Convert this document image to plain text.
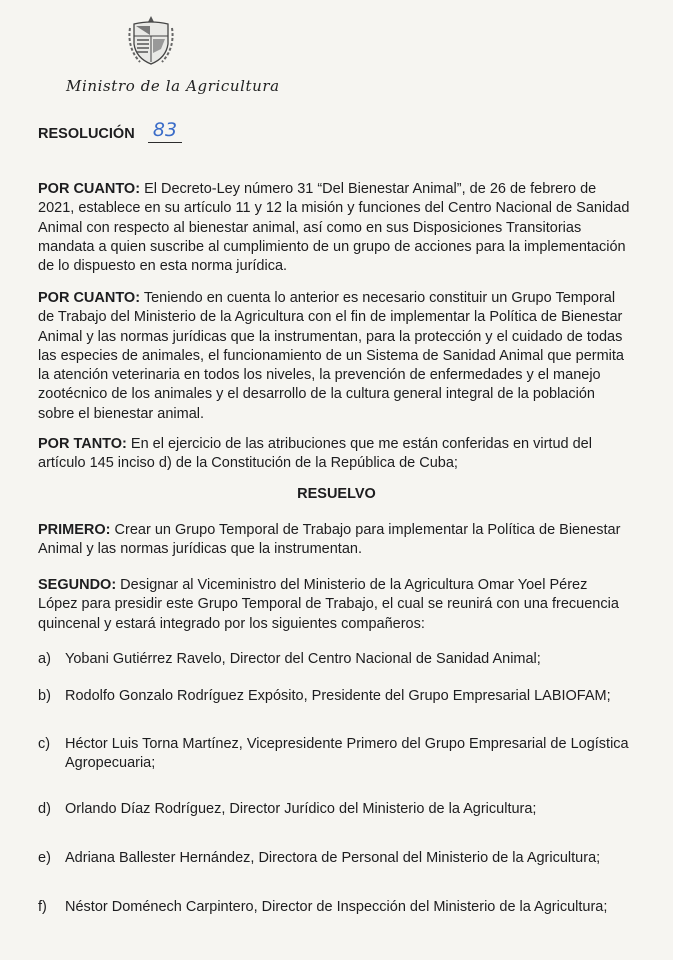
Ministro de la Agricultura
RESOLUCIÓN 83
POR CUANTO: El Decreto-Ley número 31 “Del Bienestar Animal”, de 26 de febrero de
2021, establece en su artículo 11 y 12 la misión y funciones del Centro Nacional de Sanidad
Animal con respecto al bienestar animal, así como en sus Disposiciones Transitorias
mandata a quien suscribe al cumplimiento de un grupo de acciones para la implementación
de lo dispuesto en esta norma jurídica.
POR CUANTO: Teniendo en cuenta lo anterior es necesario constituir un Grupo Temporal
de Trabajo del Ministerio de la Agricultura con el fin de implementar la Política de Bienestar
Animal y las normas jurídicas que la instrumentan, para la protección y el cuidado de todas
las especies de animales, el funcionamiento de un Sistema de Sanidad Animal que permita
la atención veterinaria en todos los niveles, la prevención de enfermedades y el manejo
zootécnico de los animales y el desarrollo de la cultura general integral de la población
sobre el bienestar animal.
POR TANTO: En el ejercicio de las atribuciones que me están conferidas en virtud del
artículo 145 inciso d) de la Constitución de la República de Cuba;
RESUELVO
PRIMERO: Crear un Grupo Temporal de Trabajo para implementar la Política de Bienestar
Animal y las normas jurídicas que la instrumentan.
SEGUNDO: Designar al Viceministro del Ministerio de la Agricultura Omar Yoel Pérez
López para presidir este Grupo Temporal de Trabajo, el cual se reunirá con una frecuencia
quincenal y estará integrado por los siguientes compañeros:
a) Yobani Gutiérrez Ravelo, Director del Centro Nacional de Sanidad Animal;
b) Rodolfo Gonzalo Rodríguez Expósito, Presidente del Grupo Empresarial LABIOFAM;
c) Héctor Luis Torna Martínez, Vicepresidente Primero del Grupo Empresarial de Logística
Agropecuaria;
d) Orlando Díaz Rodríguez, Director Jurídico del Ministerio de la Agricultura;
e) Adriana Ballester Hernández, Directora de Personal del Ministerio de la Agricultura;
f) Néstor Doménech Carpintero, Director de Inspección del Ministerio de la Agricultura;
